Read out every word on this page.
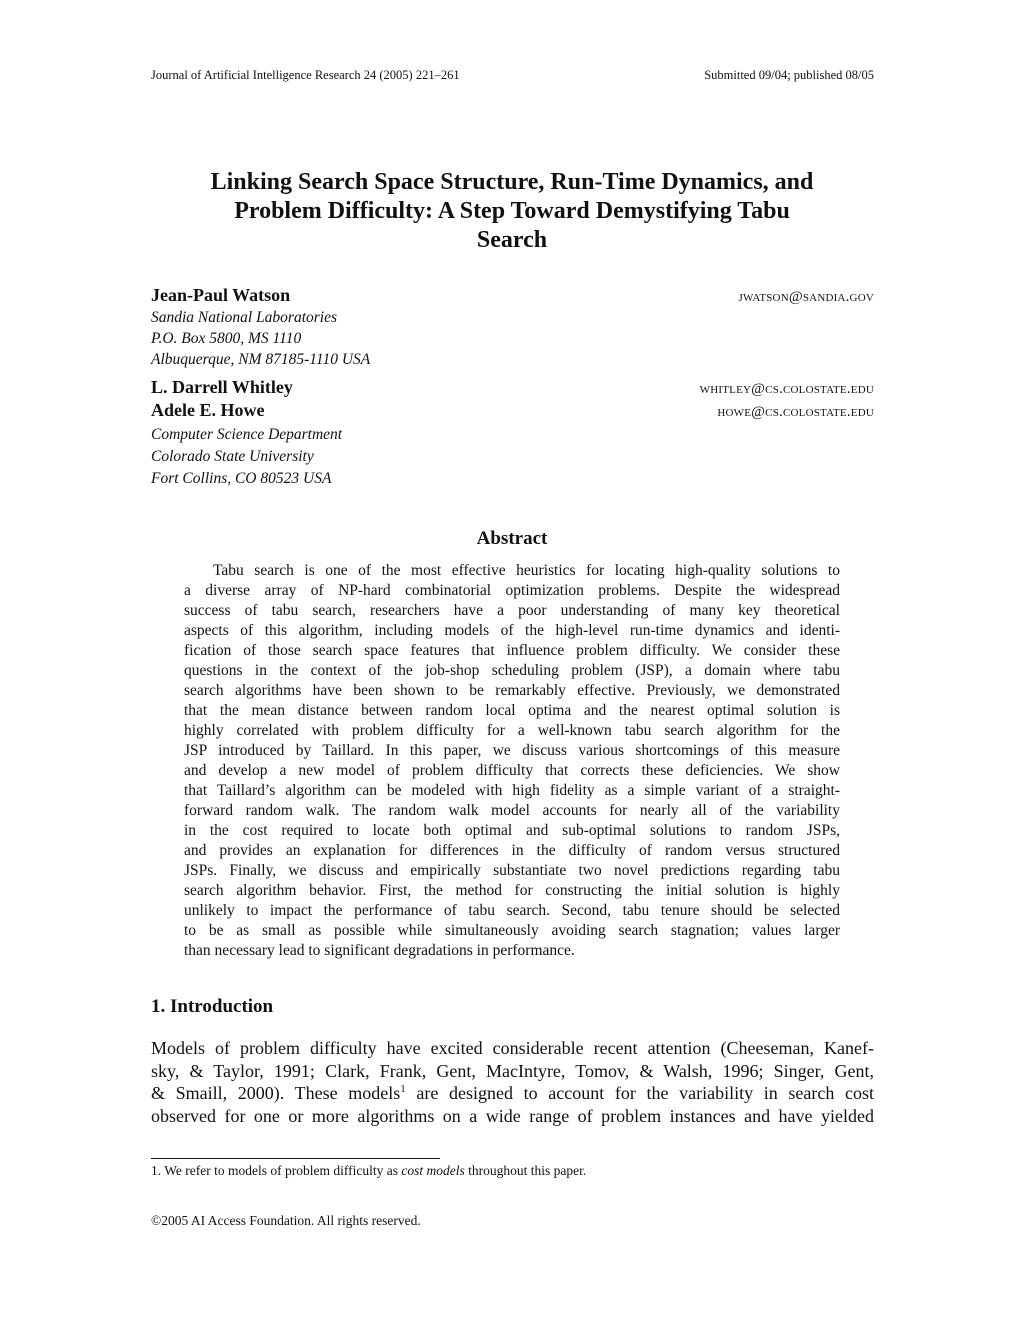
Journal of Artificial Intelligence Research 24 (2005) 221–261	Submitted 09/04; published 08/05
Linking Search Space Structure, Run-Time Dynamics, and
Problem Difficulty: A Step Toward Demystifying Tabu
Search
Jean-Paul Watson	jwatson@sandia.gov
Sandia National Laboratories
P.O. Box 5800, MS 1110
Albuquerque, NM 87185-1110 USA
L. Darrell Whitley	whitley@cs.colostate.edu
Adele E. Howe	howe@cs.colostate.edu
Computer Science Department
Colorado State University
Fort Collins, CO 80523 USA
Abstract
Tabu search is one of the most effective heuristics for locating high-quality solutions to
a diverse array of NP-hard combinatorial optimization problems. Despite the widespread
success of tabu search, researchers have a poor understanding of many key theoretical
aspects of this algorithm, including models of the high-level run-time dynamics and identi-
fication of those search space features that influence problem difficulty. We consider these
questions in the context of the job-shop scheduling problem (JSP), a domain where tabu
search algorithms have been shown to be remarkably effective. Previously, we demonstrated
that the mean distance between random local optima and the nearest optimal solution is
highly correlated with problem difficulty for a well-known tabu search algorithm for the
JSP introduced by Taillard. In this paper, we discuss various shortcomings of this measure
and develop a new model of problem difficulty that corrects these deficiencies. We show
that Taillard’s algorithm can be modeled with high fidelity as a simple variant of a straight-
forward random walk. The random walk model accounts for nearly all of the variability
in the cost required to locate both optimal and sub-optimal solutions to random JSPs,
and provides an explanation for differences in the difficulty of random versus structured
JSPs. Finally, we discuss and empirically substantiate two novel predictions regarding tabu
search algorithm behavior. First, the method for constructing the initial solution is highly
unlikely to impact the performance of tabu search. Second, tabu tenure should be selected
to be as small as possible while simultaneously avoiding search stagnation; values larger
than necessary lead to significant degradations in performance.
1. Introduction
Models of problem difficulty have excited considerable recent attention (Cheeseman, Kanef-
sky, & Taylor, 1991; Clark, Frank, Gent, MacIntyre, Tomov, & Walsh, 1996; Singer, Gent,
& Smaill, 2000). These models$^1$ are designed to account for the variability in search cost
observed for one or more algorithms on a wide range of problem instances and have yielded
1. We refer to models of problem difficulty as cost models throughout this paper.
©2005 AI Access Foundation. All rights reserved.
